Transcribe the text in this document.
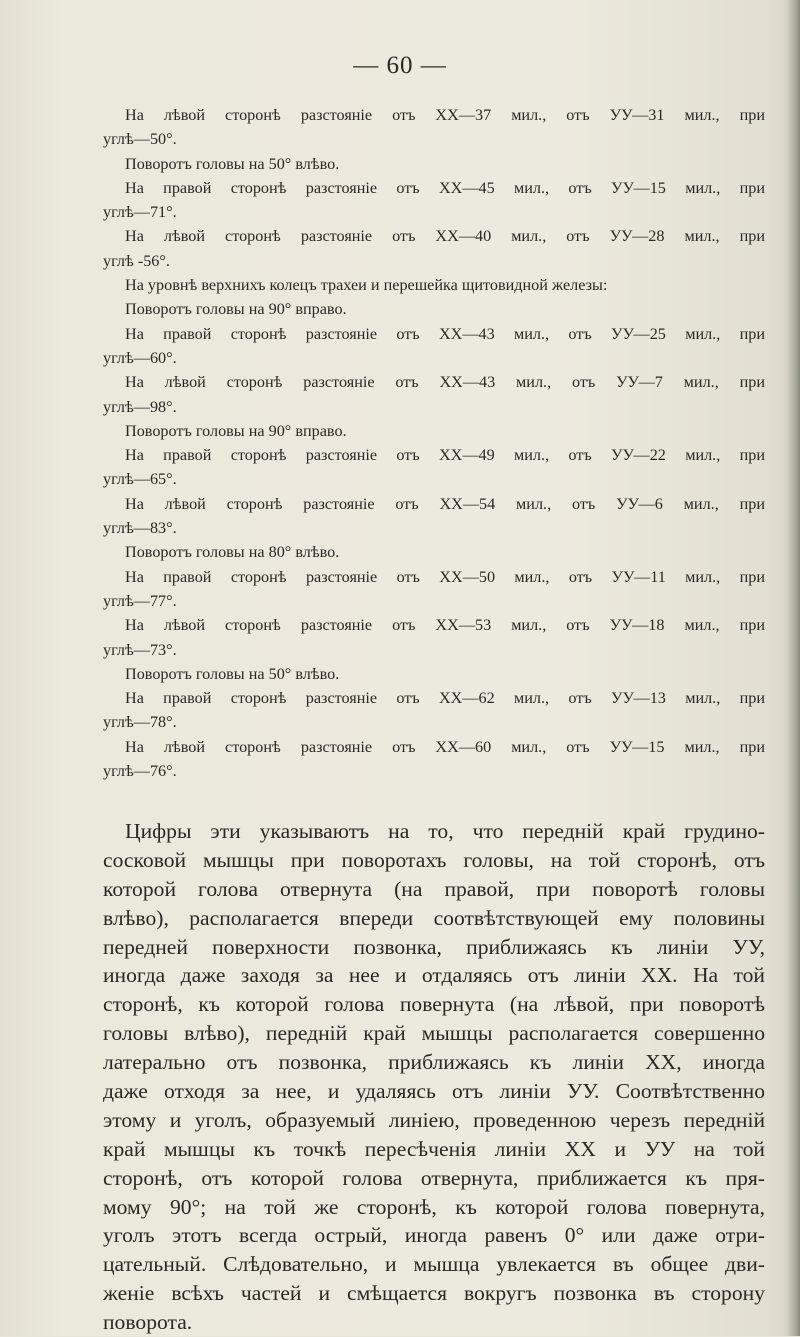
— 60 —
На лѣвой сторонѣ разстояніе отъ ХХ—37 мил., отъ УУ—31 мил., при
углѣ—50°.
Поворотъ головы на 50° влѣво.
На правой сторонѣ разстояніе отъ ХХ—45 мил., отъ УУ—15 мил., при
углѣ—71°.
На лѣвой сторонѣ разстояніе отъ ХХ—40 мил., отъ УУ—28 мил., при
углѣ -56°.
На уровнѣ верхнихъ колецъ трахеи и перешейка щитовидной железы:
Поворотъ головы на 90° вправо.
На правой сторонѣ разстояніе отъ ХХ—43 мил., отъ УУ—25 мил., при
углѣ—60°.
На лѣвой сторонѣ разстояніе отъ ХХ—43 мил., отъ УУ—7 мил., при
углѣ—98°.
Поворотъ головы на 90° вправо.
На правой сторонѣ разстояніе отъ ХХ—49 мил., отъ УУ—22 мил., при
углѣ—65°.
На лѣвой сторонѣ разстояніе отъ ХХ—54 мил., отъ УУ—6 мил., при
углѣ—83°.
Поворотъ головы на 80° влѣво.
На правой сторонѣ разстояніе отъ ХХ—50 мил., отъ УУ—11 мил., при
углѣ—77°.
На лѣвой сторонѣ разстояніе отъ ХХ—53 мил., отъ УУ—18 мил., при
углѣ—73°.
Поворотъ головы на 50° влѣво.
На правой сторонѣ разстояніе отъ ХХ—62 мил., отъ УУ—13 мил., при
углѣ—78°.
На лѣвой сторонѣ разстояніе отъ ХХ—60 мил., отъ УУ—15 мил., при
углѣ—76°.
Цифры эти указываютъ на то, что переднiй край грудино-
сосковой мышцы при поворотахъ головы, на той сторонѣ, отъ
которой голова отвернута (на правой, при поворотѣ головы
влѣво), располагается впереди соотвѣтствующей ему половины
передней поверхности позвонка, приближаясь къ линіи УУ,
иногда даже заходя за нее и отдаляясь отъ линіи ХХ. На той
сторонѣ, къ которой голова повернута (на лѣвой, при поворотѣ
головы влѣво), переднiй край мышцы располагается совершенно
латерально отъ позвонка, приближаясь къ линіи ХХ, иногда
даже отходя за нее, и удаляясь отъ линіи УУ. Соотвѣтственно
этому и уголъ, образуемый линіею, проведенною черезъ переднiй
край мышцы къ точкѣ пересѣченія линіи ХХ и УУ на той
сторонѣ, отъ которой голова отвернута, приближается къ пря-
мому 90°; на той же сторонѣ, къ которой голова повернута,
уголъ этотъ всегда острый, иногда равенъ 0° или даже отри-
цательный. Слѣдовательно, и мышца увлекается въ общее дви-
женіе всѣхъ частей и смѣщается вокругъ позвонка въ сторону
поворота.
